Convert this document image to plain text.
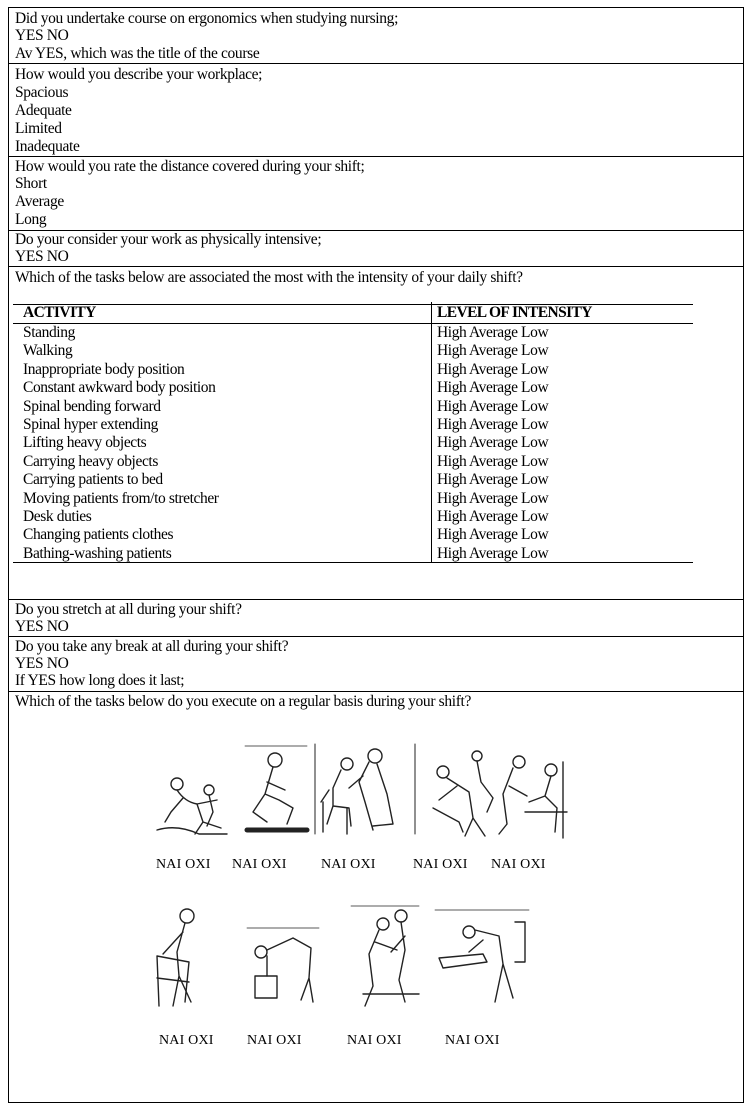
Did you undertake course on ergonomics when studying nursing;
YES NO
Av YES, which was the title of the course
How would you describe your workplace;
Spacious
Adequate
Limited
Inadequate
How would you rate the distance covered during your shift;
Short
Average
Long
Do your consider your work as physically intensive;
YES NO
Which of the tasks below are associated the most with the intensity of your daily shift?
ACTIVITY	LEVEL OF INTENSITY
Standing	High Average Low
Walking	High Average Low
Inappropriate body position	High Average Low
Constant awkward body position	High Average Low
Spinal bending forward	High Average Low
Spinal hyper extending	High Average Low
Lifting heavy objects	High Average Low
Carrying heavy objects	High Average Low
Carrying patients to bed	High Average Low
Moving patients from/to stretcher	High Average Low
Desk duties	High Average Low
Changing patients clothes	High Average Low
Bathing-washing patients	High Average Low
Do you stretch at all during your shift?
YES NO
Do you take any break at all during your shift?
YES NO
If YES how long does it last;
Which of the tasks below do you execute on a regular basis during your shift?
NAI OXI NAI OXI NAI OXI	NAI OXI NAI OXI
NAI OXI NAI OXI	NAI OXI	NAI OXI
